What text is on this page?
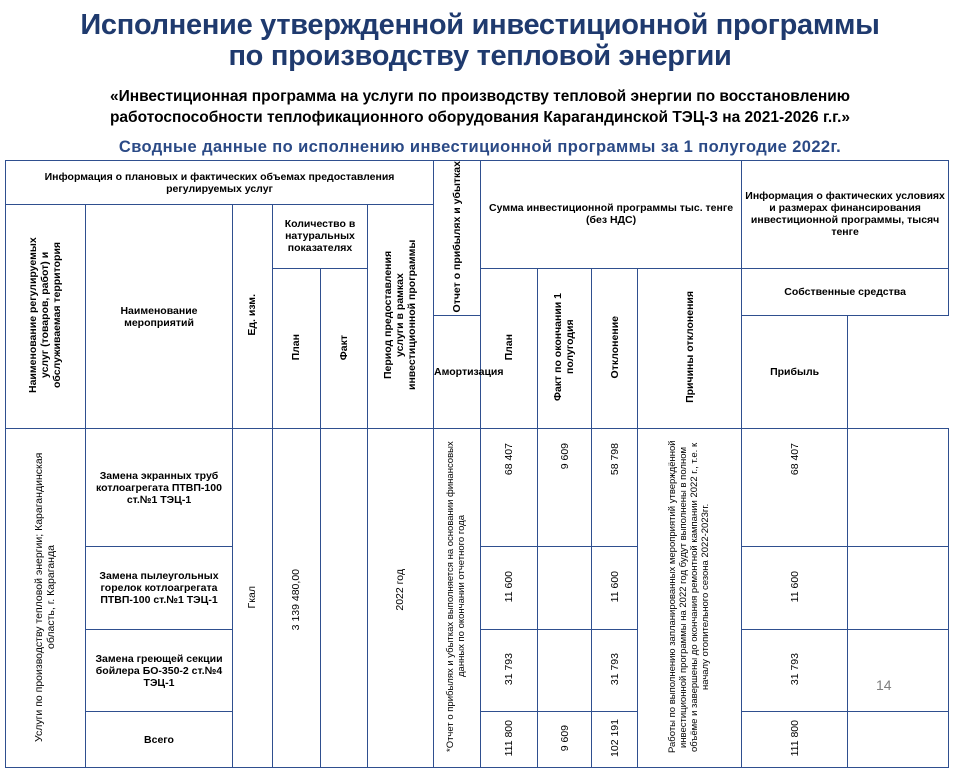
Исполнение утвержденной инвестиционной программы
по производству тепловой энергии
«Инвестиционная программа на услуги по производству тепловой энергии по восстановлению
работоспособности теплофикационного оборудования Карагандинской ТЭЦ-3 на 2021-2026 г.г.»
Сводные данные по исполнению инвестиционной программы за 1 полугодие 2022г.
Информация о плановых и фактических объемах предоставления регулируемых услуг						Отчет о прибылях и убытках	Сумма инвестиционной программы тыс. тенге (без НДС)				Информация о фактических условиях и размерах финансирования инвестиционной программы, тысяч тенге	
Наименование регулируемых услуг (товаров, работ) и обслуживаемая территория	Наименование мероприятий	Ед. изм.	Количество в натуральных показателях		Период предоставления услуги в рамках инвестиционной программы							
			План	Факт			План	Факт по окончании 1 полугодия	Отклонение	Причины отклонения	Собственные средства	
						Амортизация					Прибыль	
Услуги по производству тепловой энергии; Карагандинская область, г. Караганда	Замена экранных труб котлоагрегата ПТВП-100 ст.№1 ТЭЦ-1	Гкал	3 139 480,00		2022 год	*Отчет о прибылях и убытках выполняется на основании финансовых данных по окончании отчетного года	68 407	9 609	58 798	Работы по выполнению запланированных мероприятий утверждённой инвестиционной программы на 2022 год будут выполнены в полном объёме и завершены до окончания ремонтной кампании 2022 г., т.е. к началу отопительного сезона 2022-2023гг.	68 407	
	Замена пылеугольных горелок котлоагрегата ПТВП-100 ст.№1 ТЭЦ-1						11 600		11 600		11 600	
	Замена греющей секции бойлера БО-350-2 ст.№4 ТЭЦ-1						31 793		31 793		31 793	
	Всего						111 800	9 609	102 191		111 800	
14
